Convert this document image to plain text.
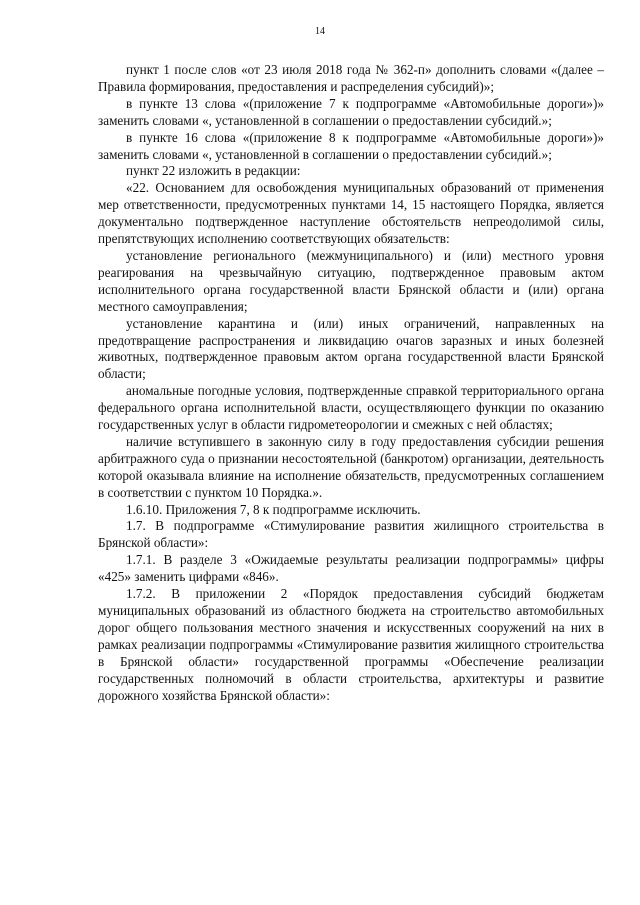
14

пункт 1 после слов «от 23 июля 2018 года № 362-п» дополнить словами «(далее – Правила формирования, предоставления и распределения субсидий)»;

в пункте 13 слова «(приложение 7 к подпрограмме «Автомобильные дороги»)» заменить словами «, установленной в соглашении о предоставлении субсидий.»;

в пункте 16 слова «(приложение 8 к подпрограмме «Автомобильные дороги»)» заменить словами «, установленной в соглашении о предоставлении субсидий.»;

пункт 22 изложить в редакции:

«22. Основанием для освобождения муниципальных образований от применения мер ответственности, предусмотренных пунктами 14, 15 настоящего Порядка, является документально подтвержденное наступление обстоятельств непреодолимой силы, препятствующих исполнению соответствующих обязательств:

установление регионального (межмуниципального) и (или) местного уровня реагирования на чрезвычайную ситуацию, подтвержденное правовым актом исполнительного органа государственной власти Брянской области и (или) органа местного самоуправления;

установление карантина и (или) иных ограничений, направленных на предотвращение распространения и ликвидацию очагов заразных и иных болезней животных, подтвержденное правовым актом органа государственной власти Брянской области;

аномальные погодные условия, подтвержденные справкой территориального органа федерального органа исполнительной власти, осуществляющего функции по оказанию государственных услуг в области гидрометеорологии и смежных с ней областях;

наличие вступившего в законную силу в году предоставления субсидии решения арбитражного суда о признании несостоятельной (банкротом) организации, деятельность которой оказывала влияние на исполнение обязательств, предусмотренных соглашением в соответствии с пунктом 10 Порядка.».

1.6.10. Приложения 7, 8 к подпрограмме исключить.

1.7. В подпрограмме «Стимулирование развития жилищного строительства в Брянской области»:

1.7.1. В разделе 3 «Ожидаемые результаты реализации подпрограммы» цифры «425» заменить цифрами «846».

1.7.2. В приложении 2 «Порядок предоставления субсидий бюджетам муниципальных образований из областного бюджета на строительство автомобильных дорог общего пользования местного значения и искусственных сооружений на них в рамках реализации подпрограммы «Стимулирование развития жилищного строительства в Брянской области» государственной программы «Обеспечение реализации государственных полномочий в области строительства, архитектуры и развитие дорожного хозяйства Брянской области»:
